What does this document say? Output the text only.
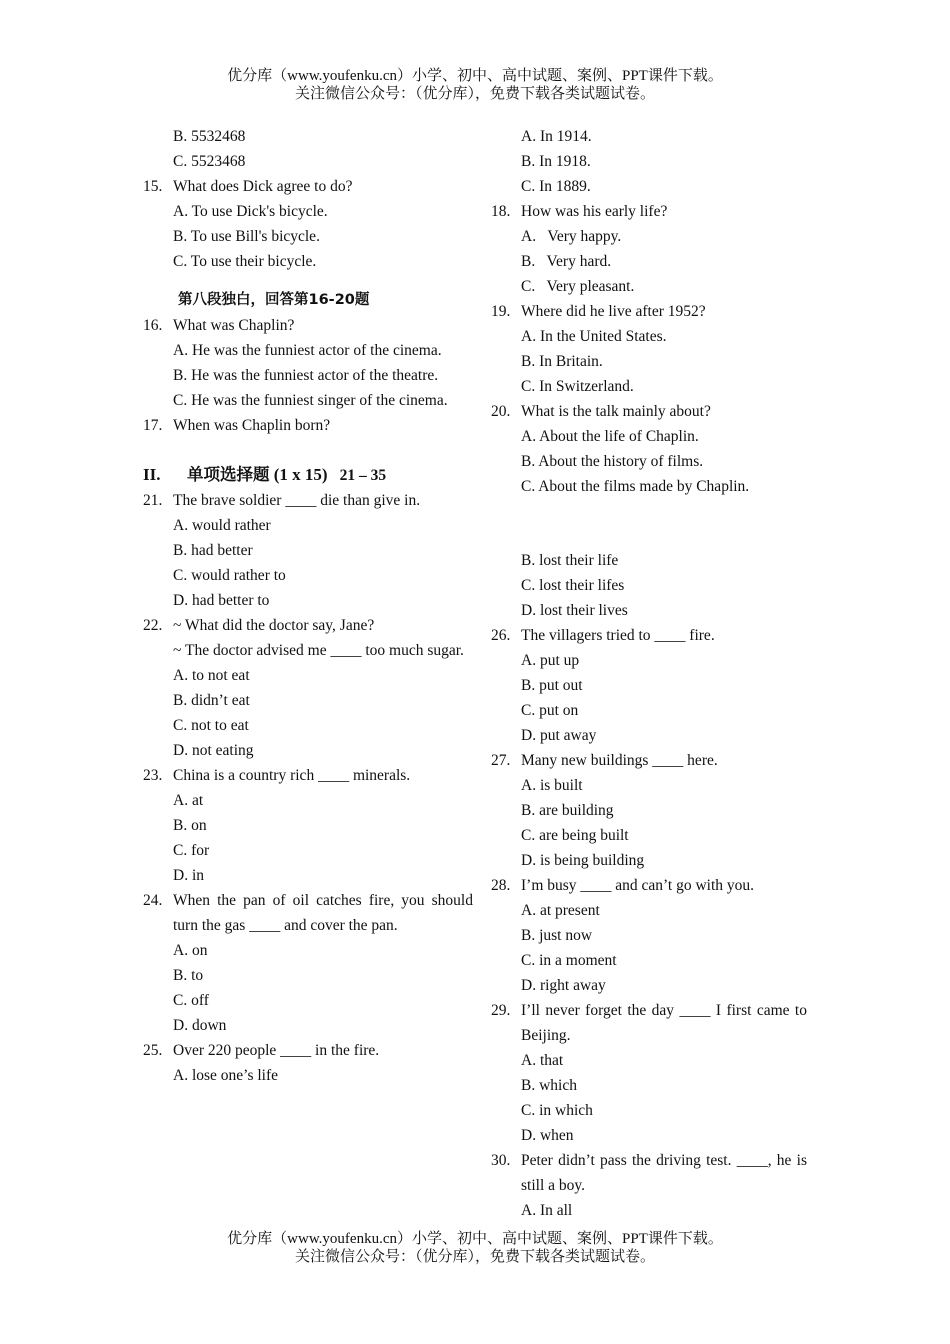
优分库（www.youfenku.cn）小学、初中、高中试题、案例、PPT课件下载。
关注微信公众号：（优分库），免费下载各类试题试卷。
B. 5532468
C. 5523468
15. What does Dick agree to do?
A. To use Dick's bicycle.
B. To use Bill's bicycle.
C. To use their bicycle.
第八段独白，回答第16-20题
16. What was Chaplin?
A. He was the funniest actor of the cinema.
B. He was the funniest actor of the theatre.
C. He was the funniest singer of the cinema.
17. When was Chaplin born?
II. 单项选择题 (1 x 15) 21 – 35
21. The brave soldier ____ die than give in.
A. would rather
B. had better
C. would rather to
D. had better to
22. ~ What did the doctor say, Jane?
~ The doctor advised me ____ too much sugar.
A. to not eat
B. didn’t eat
C. not to eat
D. not eating
23. China is a country rich ____ minerals.
A. at
B. on
C. for
D. in
24. When the pan of oil catches fire, you should turn the gas ____ and cover the pan.
A. on
B. to
C. off
D. down
25. Over 220 people ____ in the fire.
A. lose one’s life
A. In 1914.
B. In 1918.
C. In 1889.
18. How was his early life?
A.   Very happy.
B.   Very hard.
C.   Very pleasant.
19. Where did he live after 1952?
A. In the United States.
B. In Britain.
C. In Switzerland.
20. What is the talk mainly about?
A. About the life of Chaplin.
B. About the history of films.
C. About the films made by Chaplin.
B. lost their life
C. lost their lifes
D. lost their lives
26. The villagers tried to ____ fire.
A. put up
B. put out
C. put on
D. put away
27. Many new buildings ____ here.
A. is built
B. are building
C. are being built
D. is being building
28. I’m busy ____ and can’t go with you.
A. at present
B. just now
C. in a moment
D. right away
29. I’ll never forget the day ____ I first came to Beijing.
A. that
B. which
C. in which
D. when
30. Peter didn’t pass the driving test. ____, he is still a boy.
A. In all
优分库（www.youfenku.cn）小学、初中、高中试题、案例、PPT课件下载。
关注微信公众号：（优分库），免费下载各类试题试卷。
